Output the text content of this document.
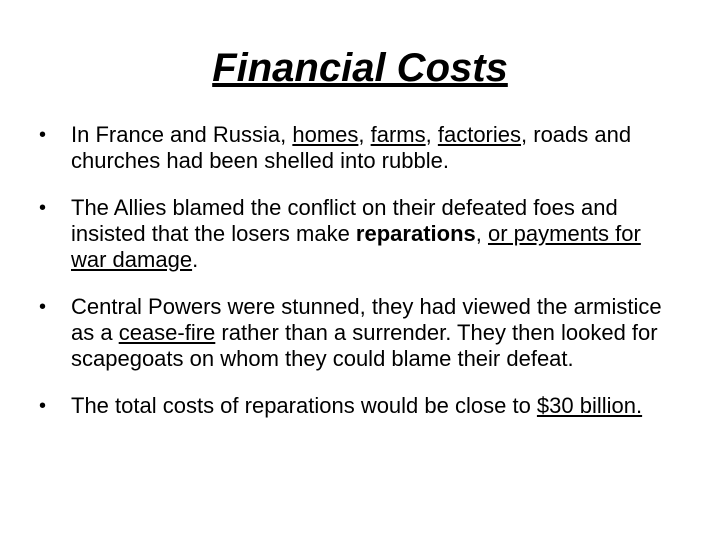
Financial Costs
• In France and Russia, homes, farms, factories, roads and churches had been shelled into rubble.
• The Allies blamed the conflict on their defeated foes and insisted that the losers make reparations, or payments for war damage.
• Central Powers were stunned, they had viewed the armistice as a cease-fire rather than a surrender. They then looked for scapegoats on whom they could blame their defeat.
• The total costs of reparations would be close to $30 billion.
